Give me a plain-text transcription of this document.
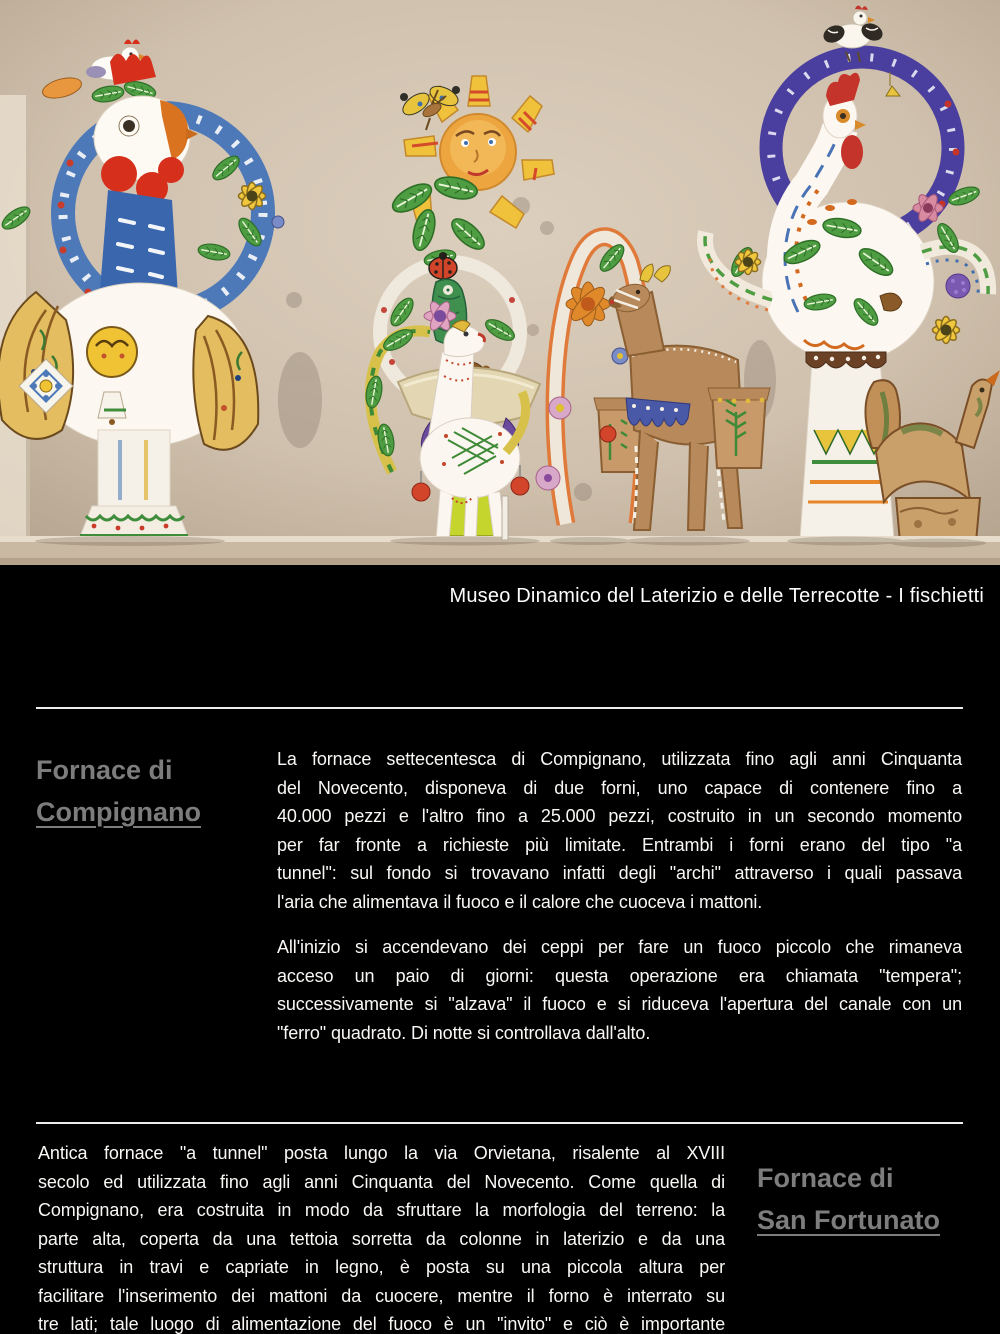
Museo Dinamico del Laterizio e delle Terrecotte - I fischietti
Fornace di
Compignano
La fornace settecentesca di Compignano, utilizzata fino agli anni Cinquanta
del Novecento, disponeva di due forni, uno capace di contenere fino a
40.000 pezzi e l'altro fino a 25.000 pezzi, costruito in un secondo momento
per far fronte a richieste più limitate. Entrambi i forni erano del tipo "a
tunnel": sul fondo si trovavano infatti degli "archi" attraverso i quali passava
l'aria che alimentava il fuoco e il calore che cuoceva i mattoni.
All'inizio si accendevano dei ceppi per fare un fuoco piccolo che rimaneva
acceso un paio di giorni: questa operazione era chiamata "tempera";
successivamente si "alzava" il fuoco e si riduceva l'apertura del canale con un
"ferro" quadrato. Di notte si controllava dall'alto.
Antica fornace "a tunnel" posta lungo la via Orvietana, risalente al XVIII
secolo ed utilizzata fino agli anni Cinquanta del Novecento. Come quella di
Compignano, era costruita in modo da sfruttare la morfologia del terreno: la
parte alta, coperta da una tettoia sorretta da colonne in laterizio e da una
struttura in travi e capriate in legno, è posta su una piccola altura per
facilitare l'inserimento dei mattoni da cuocere, mentre il forno è interrato su
tre lati; tale luogo di alimentazione del fuoco è un "invito" e ciò è importante
Fornace di
San Fortunato
